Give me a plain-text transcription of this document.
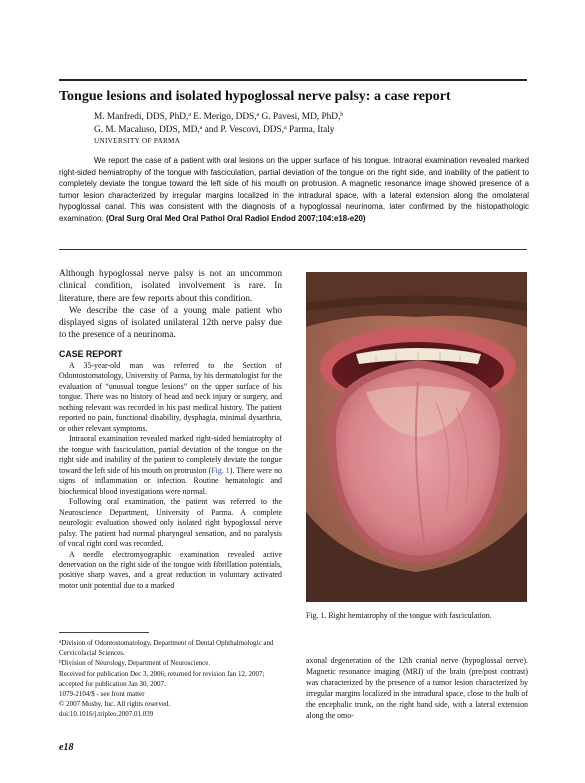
Tongue lesions and isolated hypoglossal nerve palsy: a case report
M. Manfredi, DDS, PhD,$^a$ E. Merigo, DDS,$^a$ G. Pavesi, MD, PhD,$^b$
G. M. Macaluso, DDS, MD,$^a$ and P. Vescovi, DDS,$^a$ Parma, Italy
UNIVERSITY OF PARMA
We report the case of a patient with oral lesions on the upper surface of his tongue. Intraoral examination revealed marked right-sided hemiatrophy of the tongue with fasciculation, partial deviation of the tongue on the right side, and inability of the patient to completely deviate the tongue toward the left side of his mouth on protrusion. A magnetic resonance image showed presence of a tumor lesion characterized by irregular margins localized in the intradural space, with a lateral extension along the omolateral hypoglossal canal. This was consistent with the diagnosis of a hypoglossal neurinoma, later confirmed by the histopathologic examination. (Oral Surg Oral Med Oral Pathol Oral Radiol Endod 2007;104:e18-e20)

Although hypoglossal nerve palsy is not an uncommon clinical condition, isolated involvement is rare. In literature, there are few reports about this condition.

We describe the case of a young male patient who displayed signs of isolated unilateral 12th nerve palsy due to the presence of a neurinoma.

CASE REPORT

A 35-year-old man was referred to the Section of Odontostomatology, University of Parma, by his dermatologist for the evaluation of “unusual tongue lesions” on the upper surface of his tongue. There was no history of head and neck injury or surgery, and nothing relevant was recorded in his past medical history. The patient reported no pain, functional disability, dysphagia, minimal dysarthria, or other relevant symptoms.

Intraoral examination revealed marked right-sided hemiatrophy of the tongue with fasciculation, partial deviation of the tongue on the right side and inability of the patient to completely deviate the tongue toward the left side of his mouth on protrusion (Fig. 1). There were no signs of inflammation or infection. Routine hematologic and biochemical blood investigations were normal.

Following oral examination, the patient was referred to the Neuroscience Department, University of Parma. A complete neurologic evaluation showed only isolated right hypoglossal nerve palsy. The patient had normal pharyngeal sensation, and no paralysis of vocal right cord was recorded.

A needle electromyographic examination revealed active denervation on the right side of the tongue with fibrillation potentials, positive sharp waves, and a great reduction in voluntary activated motor unit potential due to a marked

$^a$Division of Odontostomatology, Department of Dental Ophthalmologic and Cervicofacial Sciences.
$^b$Division of Neurology, Department of Neuroscience.
Received for publication Dec 3, 2006; returned for revision Jan 12, 2007; accepted for publication Jan 30, 2007.
1079-2104/$ - see front matter
© 2007 Mosby, Inc. All rights reserved.
doi:10.1016/j.tripleo.2007.01.039
e18
Fig. 1. Right hemiatrophy of the tongue with fasciculation.
axonal degeneration of the 12th cranial nerve (hypoglossal nerve). Magnetic resonance imaging (MRI) of the brain (pre/post contrast) was characterized by the presence of a tumor lesion characterized by irregular margins localized in the intradural space, close to the bulb of the encephalic trunk, on the right hand side, with a lateral extension along the omo-
